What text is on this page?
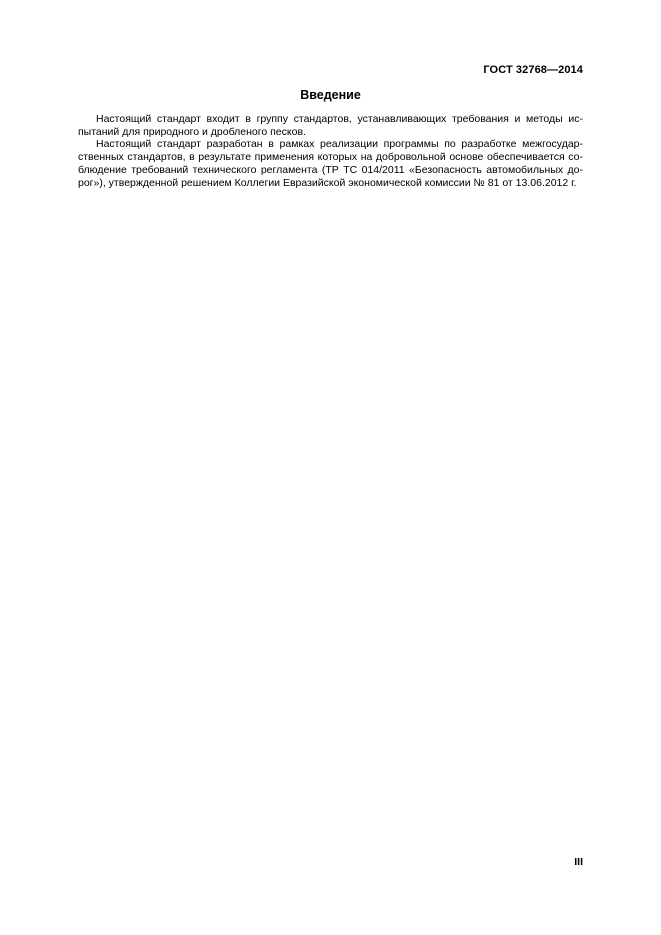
ГОСТ 32768—2014
Введение

Настоящий стандарт входит в группу стандартов, устанавливающих требования и методы ис-
пытаний для природного и дробленого песков.

Настоящий стандарт разработан в рамках реализации программы по разработке межгосудар-
ственных стандартов, в результате применения которых на добровольной основе обеспечивается со-
блюдение требований технического регламента (ТР ТС 014/2011 «Безопасность автомобильных до-
рог»), утвержденной решением Коллегии Евразийской экономической комиссии № 81 от 13.06.2012 г.

III
